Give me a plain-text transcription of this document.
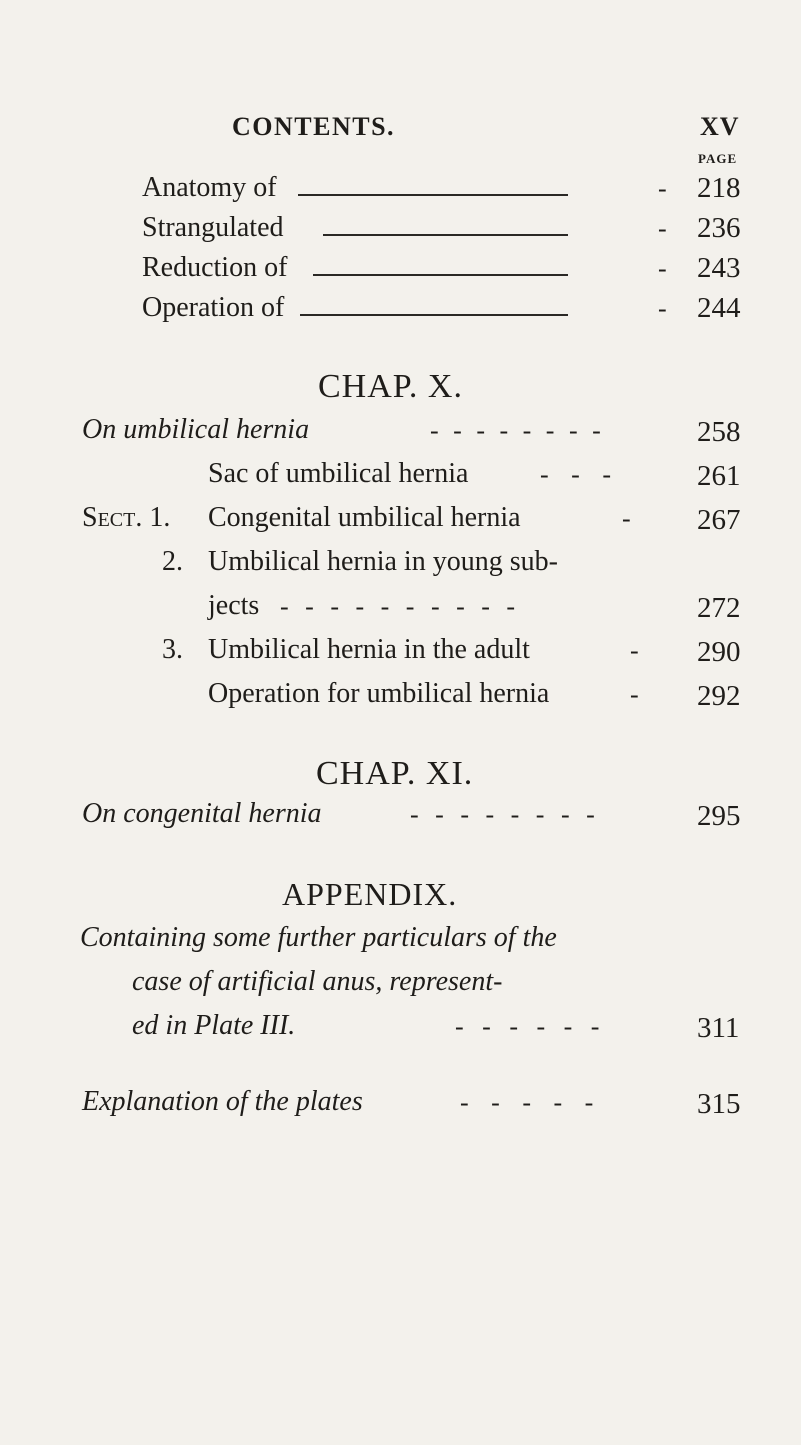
CONTENTS.	XV
PAGE
Anatomy of	- 218
Strangulated	- 236
Reduction of	- 243
Operation of	- 244
CHAP. X.
On umbilical hernia	- - - - - - - -	258
Sac of umbilical hernia	- - -	261
Sect. 1. Congenital umbilical hernia	- 267
2. Umbilical hernia in young sub-
jects - - - - - - - - - -	272
3. Umbilical hernia in the adult	- 290
Operation for umbilical hernia	- 292
CHAP. XI.
On congenital hernia	- - - - - - - -	295
APPENDIX.
Containing some further particulars of the
case of artificial anus, represent-
ed in Plate III.	- - - - - -	311
Explanation of the plates	- - - - -	315
